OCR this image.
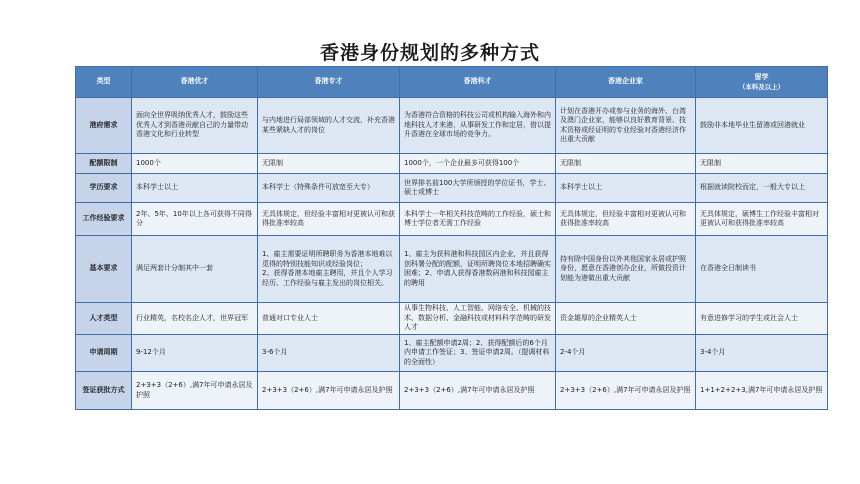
香港身份规划的多种方式
类型	香港优才	香港专才	香港科才	香港企业家	留学
（本科及以上）

港府需求	面向全世界吸纳优秀人才，鼓励这些优秀人才到香港贡献自己的力量带动香港文化和行业转型	与内地进行局部领域的人才交流，补充香港某些紧缺人才的岗位	为香港符合资格的科技公司或机构输入海外和内地科技人才来港，从事研发工作和定居，借以提升香港在全球市场的竞争力。	计划在香港开办或参与业务的海外、台湾及澳门企业家，能够以良好教育背景、技术资格或经证明的专业经验对香港经济作出重大贡献	鼓励非本地毕业生留港或回港就业
配额限制	1000个	无限制	1000个，一个企业最多可获得100个	无限制	无限制
学历要求	本科学士以上	本科学士（特殊条件可放宽至大专）	世界排名前100大学所颁授的学位证书，学士、硕士或博士	本科学士以上	根据就读院校而定，一般大专以上
工作经验要求	2年、5年、10年以上各可获得不同得分	无具体规定，但经验丰富相对更被认可和获得批准率较高	本科学士一年相关科技范畴的工作经验，硕士和博士学位者无需工作经验	无具体规定，但经验丰富相对更被认可和获得批准率较高	无具体规定，硕博生工作经验丰富相对更被认可和获得批准率较高
基本要求	满足两套计分制其中一套	1、雇主需要证明所聘职务为香港本地难以觅得的特别技能知识或经验岗位；
2、获得香港本地雇主聘用，并且个人学习经历、工作经验与雇主发出的岗位相关。	1、雇主为获科港和科技园区内企业，并且获得创科署分配的配额，证明所聘岗位本地招聘确实困难；2、申请人获得香港数码港和科技园雇主的聘用	持有除中国身份以外其他国家永居或护照身份，愿意在香港创办企业，所做投资计划能为港做出重大贡献	在香港全日制读书
人才类型	行业精英，名校名企人才，世界冠军	普通对口专业人士	从事生物科技、人工智能、网络安全、机械的技术、数据分析、金融科技或材料科学范畴的研发人才	资金雄厚的企业精英人士	有意进修学习的学生或社会人士
申请周期	9-12个月	3-6个月	1、雇主配额申请2周；2、获得配额后的6个月内申请工作签证；3、签证申请2周。（提调材料的全面性）	2-4个月	3-4个月
签证获批方式	2+3+3（2+6）,满7年可申请永居及护照	2+3+3（2+6）,满7年可申请永居及护照	2+3+3（2+6）,满7年可申请永居及护照	2+3+3（2+6）,满7年可申请永居及护照	1+1+2+2+3,满7年可申请永居及护照
